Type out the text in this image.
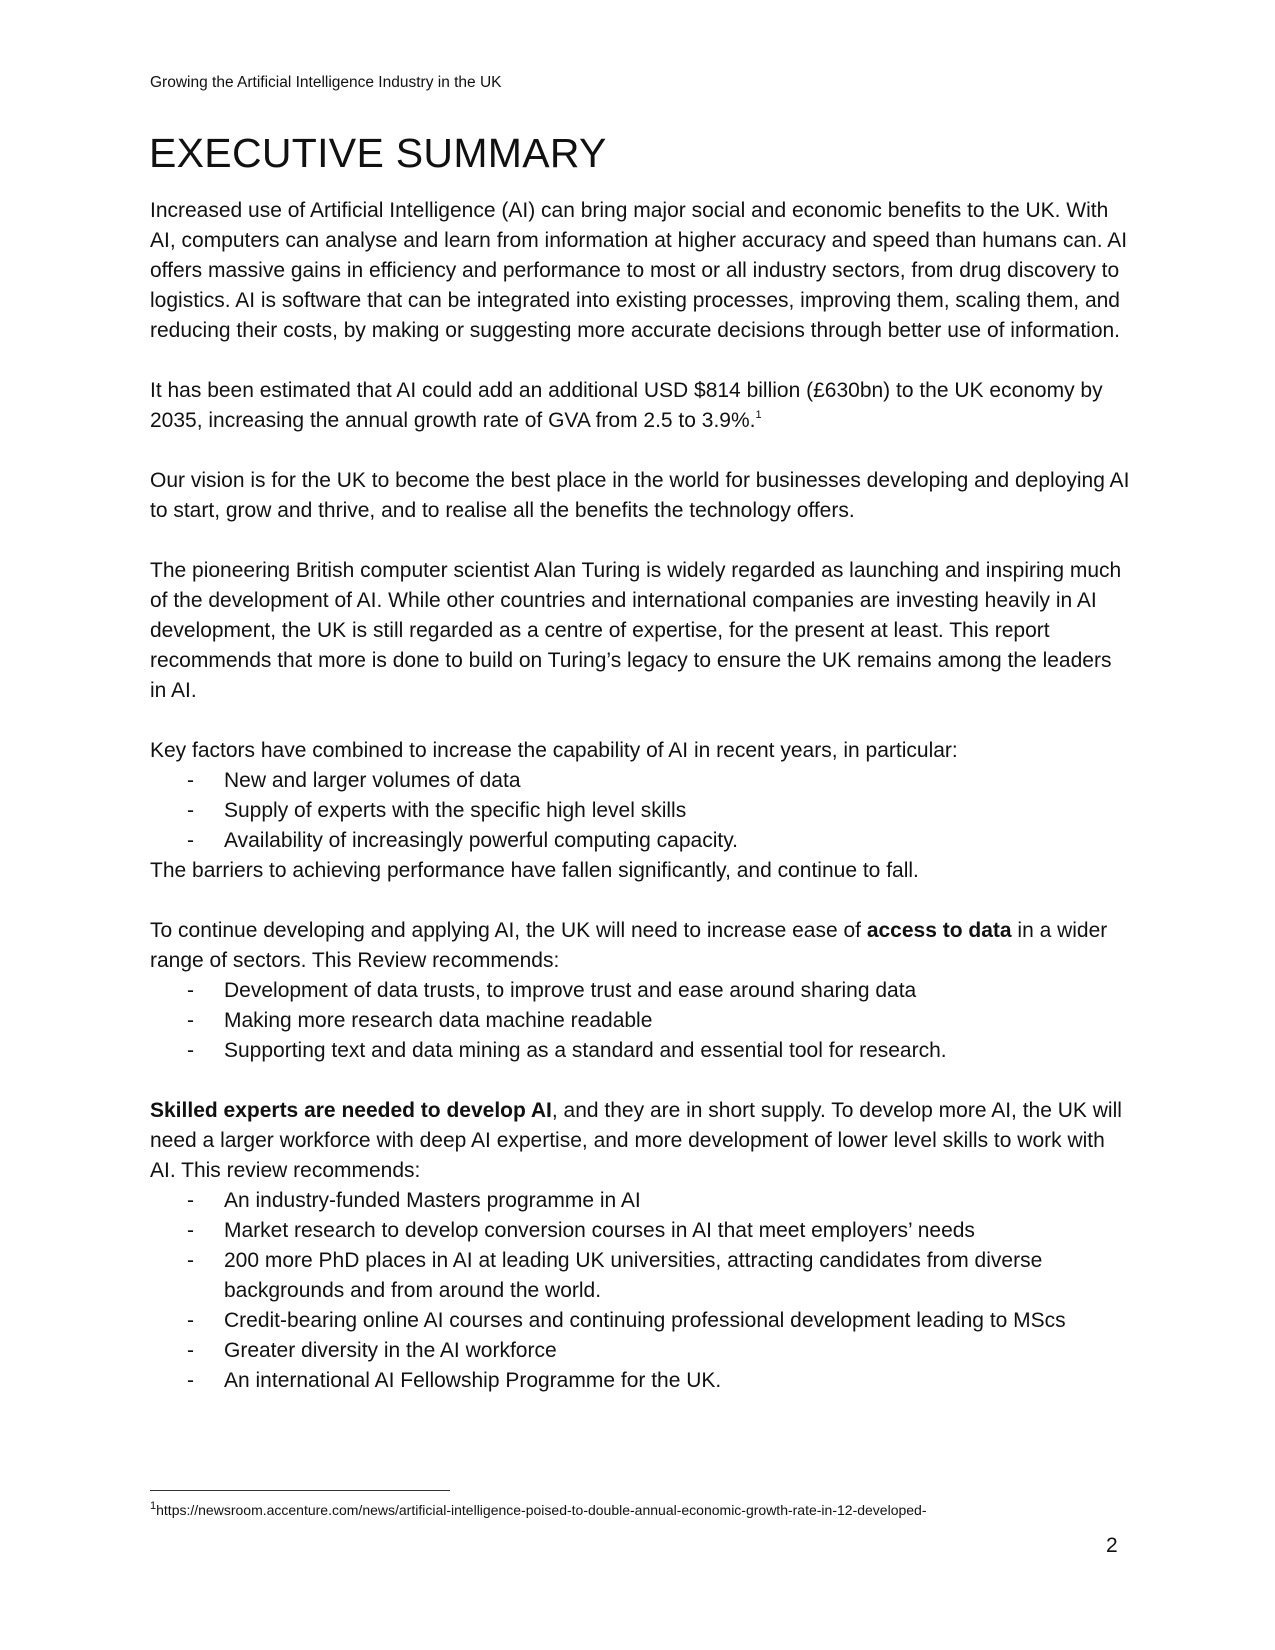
Growing the Artificial Intelligence Industry in the UK
EXECUTIVE SUMMARY

Increased use of Artificial Intelligence (AI) can bring major social and economic benefits to the UK. With AI, computers can analyse and learn from information at higher accuracy and speed than humans can. AI offers massive gains in efficiency and performance to most or all industry sectors, from drug discovery to logistics. AI is software that can be integrated into existing processes, improving them, scaling them, and reducing their costs, by making or suggesting more accurate decisions through better use of information.

It has been estimated that AI could add an additional USD $814 billion (£630bn) to the UK economy by 2035, increasing the annual growth rate of GVA from 2.5 to 3.9%.$^1$

Our vision is for the UK to become the best place in the world for businesses developing and deploying AI to start, grow and thrive, and to realise all the benefits the technology offers.

The pioneering British computer scientist Alan Turing is widely regarded as launching and inspiring much of the development of AI. While other countries and international companies are investing heavily in AI development, the UK is still regarded as a centre of expertise, for the present at least. This report recommends that more is done to build on Turing’s legacy to ensure the UK remains among the leaders in AI.

Key factors have combined to increase the capability of AI in recent years, in particular:

- New and larger volumes of data
- Supply of experts with the specific high level skills
- Availability of increasingly powerful computing capacity.

The barriers to achieving performance have fallen significantly, and continue to fall.

To continue developing and applying AI, the UK will need to increase ease of access to data in a wider range of sectors. This Review recommends:

- Development of data trusts, to improve trust and ease around sharing data
- Making more research data machine readable
- Supporting text and data mining as a standard and essential tool for research.

Skilled experts are needed to develop AI, and they are in short supply. To develop more AI, the UK will need a larger workforce with deep AI expertise, and more development of lower level skills to work with AI. This review recommends:

- An industry-funded Masters programme in AI
- Market research to develop conversion courses in AI that meet employers’ needs
- 200 more PhD places in AI at leading UK universities, attracting candidates from diverse backgrounds and from around the world.
- Credit-bearing online AI courses and continuing professional development leading to MScs
- Greater diversity in the AI workforce
- An international AI Fellowship Programme for the UK.
$^1$https://newsroom.accenture.com/news/artificial-intelligence-poised-to-double-annual-economic-growth-rate-in-12-developed-
2
